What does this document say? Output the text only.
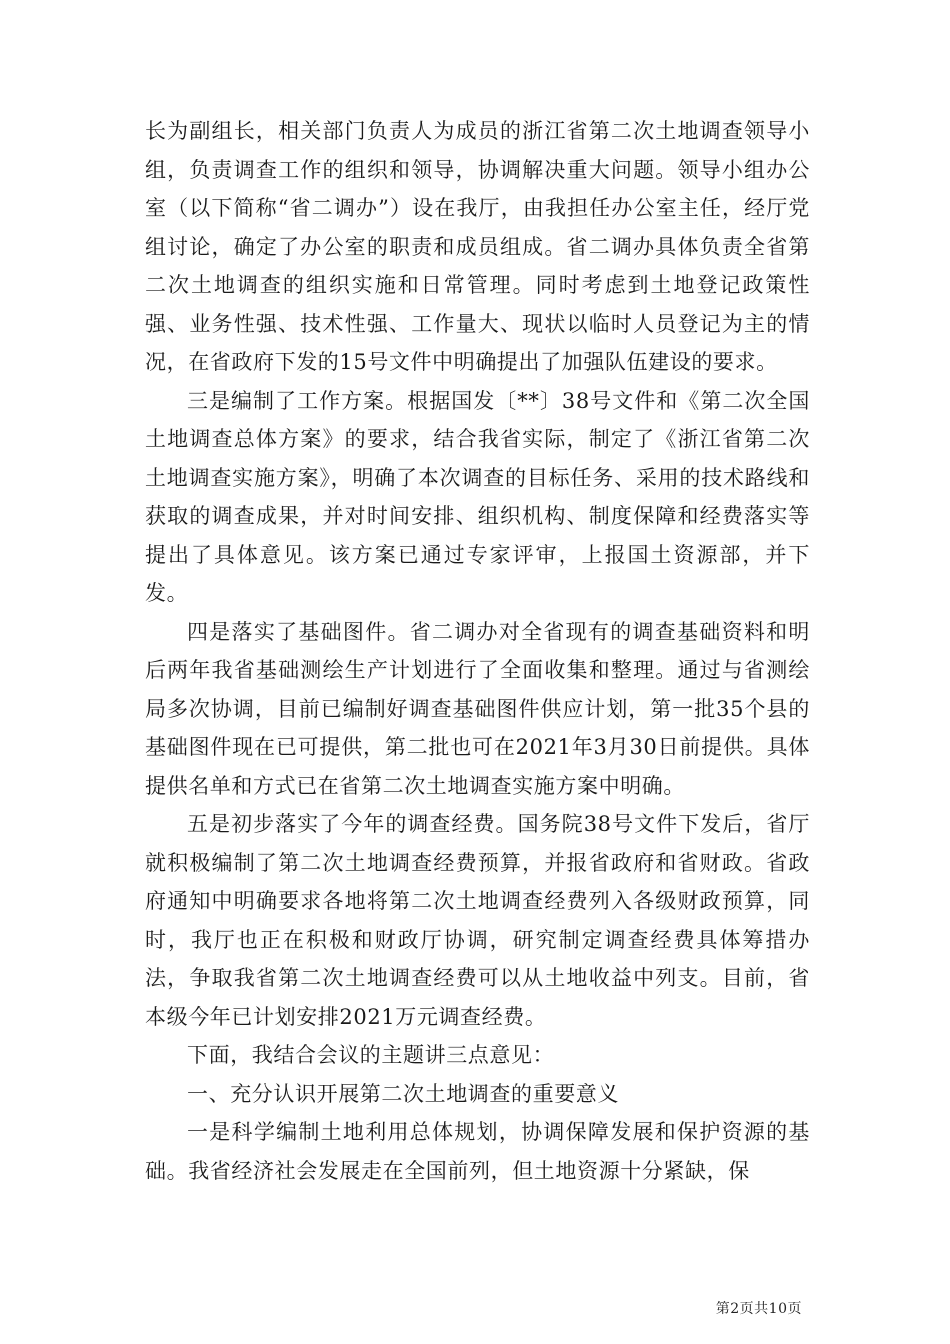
长为副组长，相关部门负责人为成员的浙江省第二次土地调查领导小组，负责调查工作的组织和领导，协调解决重大问题。领导小组办公室（以下简称“省二调办”）设在我厅，由我担任办公室主任，经厅党组讨论，确定了办公室的职责和成员组成。省二调办具体负责全省第二次土地调查的组织实施和日常管理。同时考虑到土地登记政策性强、业务性强、技术性强、工作量大、现状以临时人员登记为主的情况，在省政府下发的15号文件中明确提出了加强队伍建设的要求。

三是编制了工作方案。根据国发〔**〕38号文件和《第二次全国土地调查总体方案》的要求，结合我省实际，制定了《浙江省第二次土地调查实施方案》，明确了本次调查的目标任务、采用的技术路线和获取的调查成果，并对时间安排、组织机构、制度保障和经费落实等提出了具体意见。该方案已通过专家评审，上报国土资源部，并下发。

四是落实了基础图件。省二调办对全省现有的调查基础资料和明后两年我省基础测绘生产计划进行了全面收集和整理。通过与省测绘局多次协调，目前已编制好调查基础图件供应计划，第一批35个县的基础图件现在已可提供，第二批也可在2021年3月30日前提供。具体提供名单和方式已在省第二次土地调查实施方案中明确。

五是初步落实了今年的调查经费。国务院38号文件下发后，省厅就积极编制了第二次土地调查经费预算，并报省政府和省财政。省政府通知中明确要求各地将第二次土地调查经费列入各级财政预算，同时，我厅也正在积极和财政厅协调，研究制定调查经费具体筹措办法，争取我省第二次土地调查经费可以从土地收益中列支。目前，省本级今年已计划安排2021万元调查经费。

下面，我结合会议的主题讲三点意见：

一、充分认识开展第二次土地调查的重要意义

一是科学编制土地利用总体规划，协调保障发展和保护资源的基础。我省经济社会发展走在全国前列，但土地资源十分紧缺，保

第2页共10页
